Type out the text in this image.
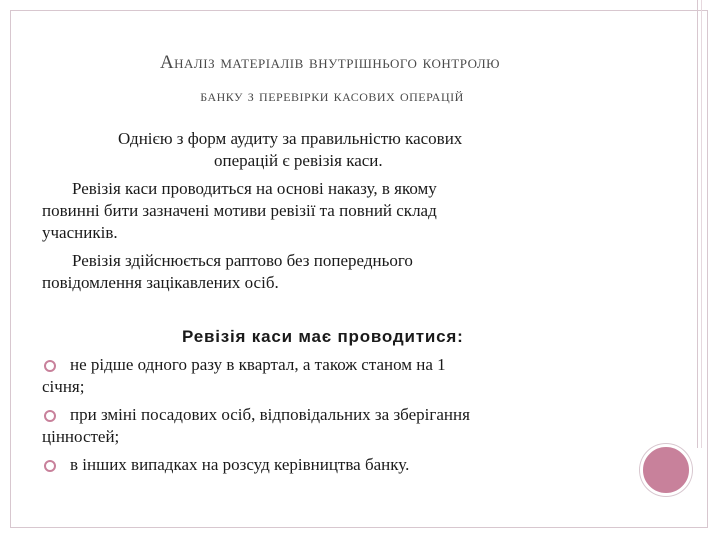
Аналіз матеріалів внутрішнього контролю
банку з перевірки касових операцій
Однією з форм аудиту за правильністю касових
операцій є ревізія каси.
Ревізія каси проводиться на основі наказу, в якому
повинні бити зазначені мотиви ревізії та повний склад
учасників.
Ревізія здійснюється раптово без попереднього
повідомлення зацікавлених осіб.
Ревізія каси має проводитися:
не рідше одного разу в квартал, а також станом на 1
січня;
при зміні посадових осіб, відповідальних за зберігання
цінностей;
в інших випадках на розсуд керівництва банку.
